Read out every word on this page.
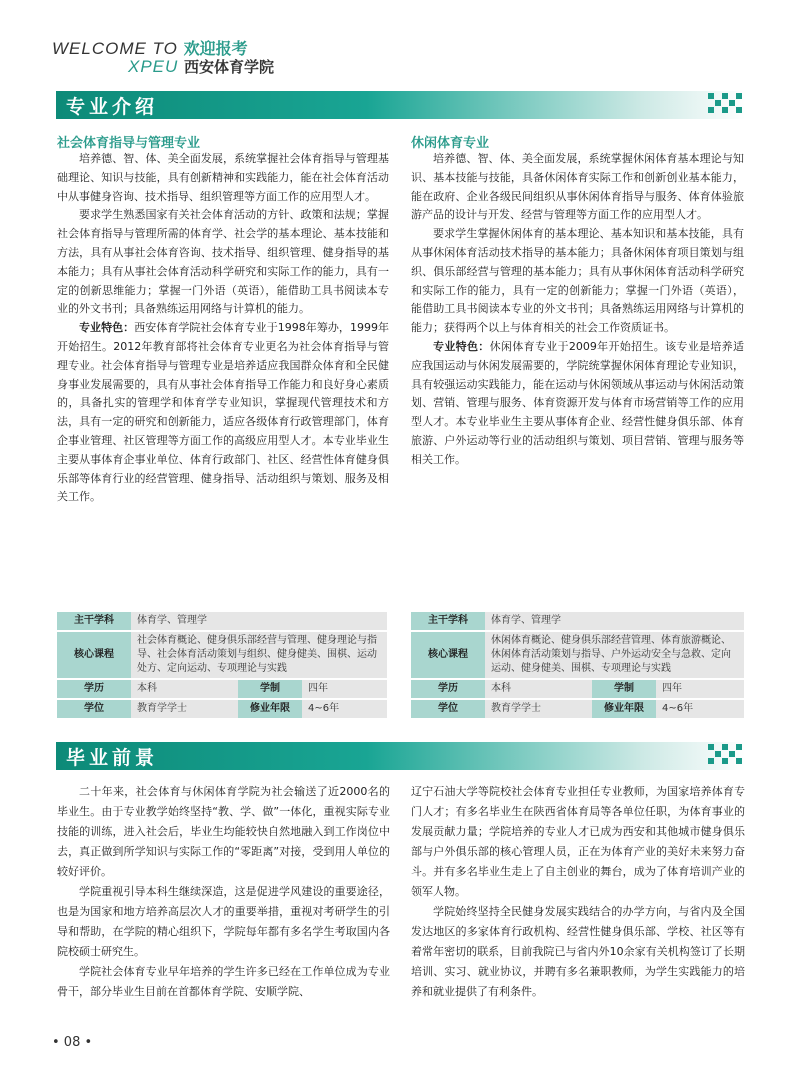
WELCOME TO 欢迎报考
XPEU 西安体育学院
专业介绍
社会体育指导与管理专业

培养德、智、体、美全面发展，系统掌握社会体育指导与管理基础理论、知识与技能，具有创新精神和实践能力，能在社会体育活动中从事健身咨询、技术指导、组织管理等方面工作的应用型人才。

要求学生熟悉国家有关社会体育活动的方针、政策和法规；掌握社会体育指导与管理所需的体育学、社会学的基本理论、基本技能和方法，具有从事社会体育咨询、技术指导、组织管理、健身指导的基本能力；具有从事社会体育活动科学研究和实际工作的能力，具有一定的创新思维能力；掌握一门外语（英语），能借助工具书阅读本专业的外文书刊；具备熟练运用网络与计算机的能力。

专业特色：西安体育学院社会体育专业于1998年筹办，1999年开始招生。2012年教育部将社会体育专业更名为社会体育指导与管理专业。社会体育指导与管理专业是培养适应我国群众体育和全民健身事业发展需要的，具有从事社会体育指导工作能力和良好身心素质的，具备扎实的管理学和体育学专业知识，掌握现代管理技术和方法，具有一定的研究和创新能力，适应各级体育行政管理部门，体育企事业管理、社区管理等方面工作的高级应用型人才。本专业毕业生主要从事体育企事业单位、体育行政部门、社区、经营性体育健身俱乐部等体育行业的经营管理、健身指导、活动组织与策划、服务及相关工作。

主干学科	体育学、管理学		
核心课程	社会体育概论、健身俱乐部经营与管理、健身理论与指导、社会体育活动策划与组织、健身健美、围棋、运动处方、定向运动、专项理论与实践		
学历	本科	学制	四年
学位	教育学学士	修业年限	4~6年
休闲体育专业

培养德、智、体、美全面发展，系统掌握休闲体育基本理论与知识、基本技能与技能，具备休闲体育实际工作和创新创业基本能力，能在政府、企业各级民间组织从事休闲体育指导与服务、体育体验旅游产品的设计与开发、经营与管理等方面工作的应用型人才。

要求学生掌握休闲体育的基本理论、基本知识和基本技能，具有从事休闲体育活动技术指导的基本能力；具备休闲体育项目策划与组织、俱乐部经营与管理的基本能力；具有从事休闲体育活动科学研究和实际工作的能力，具有一定的创新能力；掌握一门外语（英语），能借助工具书阅读本专业的外文书刊；具备熟练运用网络与计算机的能力；获得两个以上与体育相关的社会工作资质证书。

专业特色：休闲体育专业于2009年开始招生。该专业是培养适应我国运动与休闲发展需要的，学院统掌握休闲体育理论专业知识，具有较强运动实践能力，能在运动与休闲领域从事运动与休闲活动策划、营销、管理与服务、体育资源开发与体育市场营销等工作的应用型人才。本专业毕业生主要从事体育企业、经营性健身俱乐部、体育旅游、户外运动等行业的活动组织与策划、项目营销、管理与服务等相关工作。

主干学科	体育学、管理学		
核心课程	休闲体育概论、健身俱乐部经营管理、体育旅游概论、休闲体育活动策划与指导、户外运动安全与急救、定向运动、健身健美、围棋、专项理论与实践		
学历	本科	学制	四年
学位	教育学学士	修业年限	4~6年
毕业前景

二十年来，社会体育与休闲体育学院为社会输送了近2000名的毕业生。由于专业教学始终坚持“教、学、做”一体化，重视实际专业技能的训练，进入社会后，毕业生均能较快自然地融入到工作岗位中去，真正做到所学知识与实际工作的“零距离”对接，受到用人单位的较好评价。

学院重视引导本科生继续深造，这是促进学风建设的重要途径，也是为国家和地方培养高层次人才的重要举措，重视对考研学生的引导和帮助，在学院的精心组织下，学院每年都有多名学生考取国内各院校硕士研究生。

学院社会体育专业早年培养的学生许多已经在工作单位成为专业骨干，部分毕业生目前在首都体育学院、安顺学院、

辽宁石油大学等院校社会体育专业担任专业教师，为国家培养体育专门人才；有多名毕业生在陕西省体育局等各单位任职，为体育事业的发展贡献力量；学院培养的专业人才已成为西安和其他城市健身俱乐部与户外俱乐部的核心管理人员，正在为体育产业的美好未来努力奋斗。并有多名毕业生走上了自主创业的舞台，成为了体育培训产业的领军人物。

学院始终坚持全民健身发展实践结合的办学方向，与省内及全国发达地区的多家体育行政机构、经营性健身俱乐部、学校、社区等有着常年密切的联系，目前我院已与省内外10余家有关机构签订了长期培训、实习、就业协议，并聘有多名兼职教师，为学生实践能力的培养和就业提供了有利条件。

• 08 •
